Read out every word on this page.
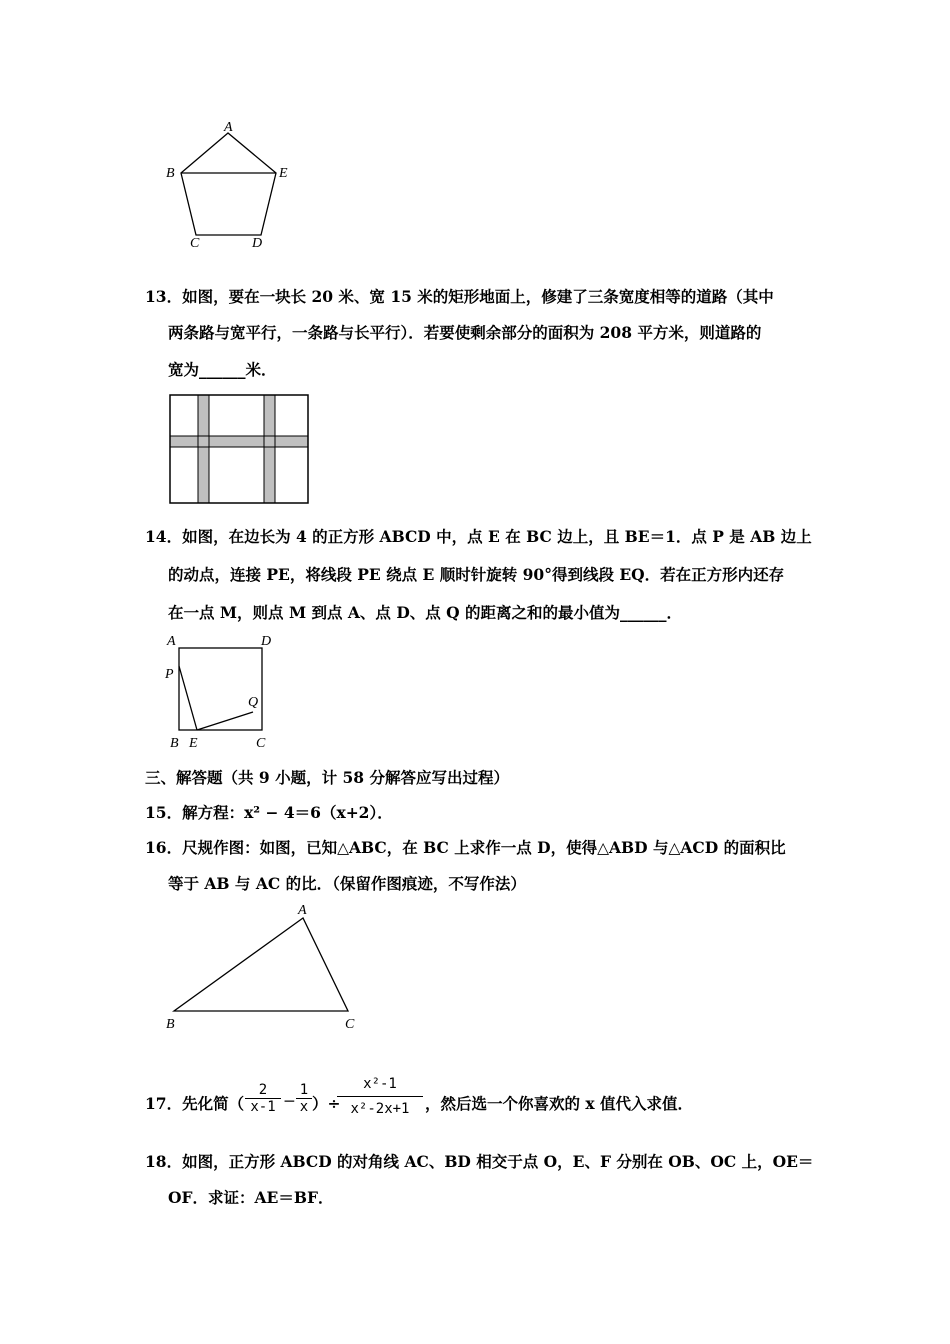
A
B	E
C	D
13．如图，要在一块长 20 米、宽 15 米的矩形地面上，修建了三条宽度相等的道路（其中
两条路与宽平行，一条路与长平行）．若要使剩余部分的面积为 208 平方米，则道路的
宽为______米．
14．如图，在边长为 4 的正方形 ABCD 中，点 E 在 BC 边上，且 BE＝1．点 P 是 AB 边上
的动点，连接 PE，将线段 PE 绕点 E 顺时针旋转 90°得到线段 EQ．若在正方形内还存
在一点 M，则点 M 到点 A、点 D、点 Q 的距离之和的最小值为______．
A	D
P
Q
B E	C
三、解答题（共 9 小题，计 58 分解答应写出过程）
15．解方程：x² − 4＝6（x+2）．
16．尺规作图：如图，已知△ABC，在 BC 上求作一点 D，使得△ABD 与△ACD 的面积比
等于 AB 与 AC 的比．（保留作图痕迹，不写作法）
A
B	C
17．先化简（ $\frac{2}{x-1} - \frac{1}{x}$ ）÷
$\frac{\text{x²-1}}{\text{x²-2x+1}}$ ，然后选一个你喜欢的 x 值代入求值．
18．如图，正方形 ABCD 的对角线 AC、BD 相交于点 O，E、F 分别在 OB、OC 上，OE＝
OF．求证：AE＝BF．
